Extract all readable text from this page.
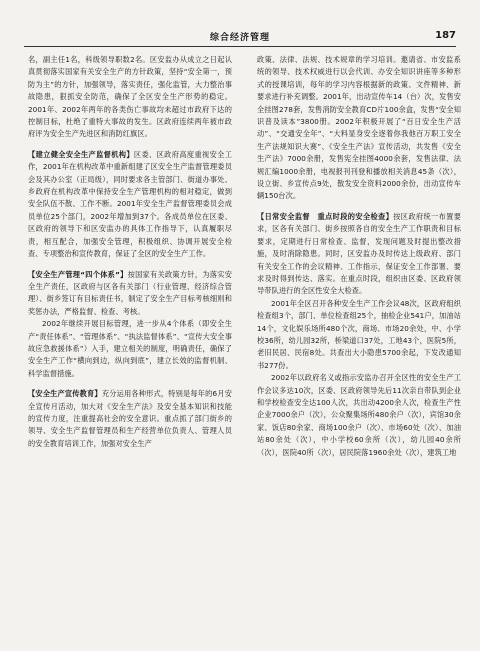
综合经济管理	187

名，副主任1名，科级领导职数2名。区安监办从成立之日起认真贯彻落实国家有关安全生产的方针政策，坚持“安全第一，预防为主”的方针，加强领导，落实责任，强化监管，大力整治事故隐患，狠抓安全防范，确保了全区安全生产形势的稳定。2001年、2002年两年的各类伤亡事故均未超过市政府下达的控制目标，杜绝了重特大事故的发生。区政府连续两年被市政府评为安全生产先进区和消防红旗区。

【建立健全安全生产监督机构】区委、区政府高度重视安全工作，2001年在机构改革中重新组建了区安全生产监督管理委员会及其办公室（正局级），同时要求各主管部门、街道办事处、乡政府在机构改革中保持安全生产管理机构的相对稳定，做到安全队伍不散、工作不断。2001年安全生产监督管理委员会成员单位25个部门，2002年增加到37个。各成员单位在区委、区政府的领导下和区安监办的具体工作指导下，认真履职尽责，相互配合，加强安全管理，积极组织、协调开展安全检查、专项整治和宣传教育，保证了全区的安全生产工作。

【安全生产管理“四个体系”】按国家有关政策方针，为落实安全生产责任，区政府与区各有关部门（行业管理、经济综合管理）、街乡签订有目标责任书，制定了安全生产目标考核细则和奖惩办法，严格监督、检查、考核。

2002年继续开展目标管理，进一步从4个体系（即安全生产“责任体系”、“管理体系”、“执法监督体系”、“宣传大安全事故应急救援体系”）入手，建立相关的制度，明确责任，确保了安全生产工作“横向到边，纵向到底”，建立长效的监督机制、科学监督措施。

【安全生产宣传教育】充分运用各种形式，特别是每年的6月安全宣传月活动，加大对《安全生产法》及安全基本知识和技能的宣传力度，注重提高社会的安全意识。重点抓了部门街乡的领导、安全生产监督管理员和生产经营单位负责人、管理人员的安全教育培训工作，加强对安全生产

政策、法律、法规、技术规章的学习培训。邀请省、市安监系统的领导、技术权威进行以会代训、办安全知识讲座等多种形式的授课培训，每年的学习内容根据新的政策、文件精神、新要求进行补充调整。2001年，出动宣传车14（台）次，发售安全挂图278套，发售消防安全教育CD片100余盒，发售“安全知识普及读本”3800册。2002年积极开展了“百日安全生产活动”、“交通安全年”、“大料显身安全逐着你我他百万职工安全生产法规知识大赛”、《安全生产法》宣传活动，共发售《安全生产法》7000余册，发售宪全挂图4000余套，发售法律、法规汇编1000余册，电视报刊刊登和播放相关消息45条（次），设立街、乡宣传点9处，散发安全资料2000余份，出动宣传车辆150台次。

【日常安全监督　重点时段的安全检查】按区政府统一布置要求，区各有关部门、街乡按照各自的安全生产工作职责和目标要求，定期进行日常检查、监督，发现问题及时提出整改措施，及时消除隐患。同时，区安监办及时传达上级政府、部门有关安全工作的会议精神、工作指示，保证安全工作部署、要求及时得到传达、落实。在重点时段，组织由区委、区政府领导带队进行的全区性安全大检查。

2001年全区召开各种安全生产工作会议48次，区政府组织检查组3个，部门、单位检查组25个，抽检企业541户，加油站14个，文化娱乐场所480个次，商场、市场20余处，中、小学校36所，幼儿园32所，桥梁道口37处，工地43个，医院5所，老旧民居、民宿8处。共查出大小隐患5700余起，下发改通知书277份。

2002年以政府名义或指示安监办召开全区性的安全生产工作会议多达10次，区委、区政府领导先后11次亲自带队到企业和学校检查安全达100人次，共出动4200余人次，检查生产性企业7000余户（次），公众聚集场所480余户（次），宾馆30余家、饭店80余家、商场100余户（次）、市场60处（次）、加油站80余处（次），中小学校60余所（次），幼儿园40余所（次），医院40所（次），居民院落1960余处（次），建筑工地
